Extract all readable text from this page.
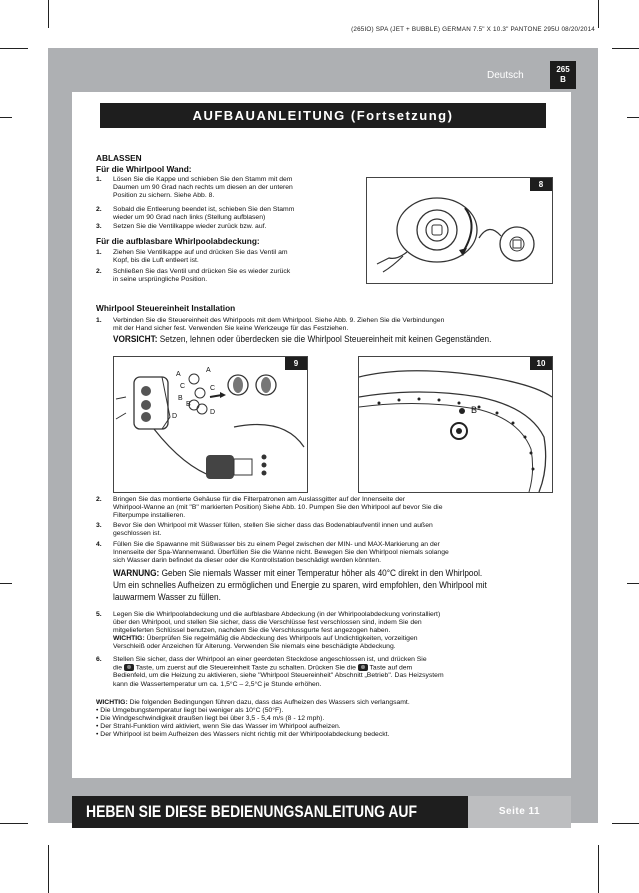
(265IO) SPA (JET + BUBBLE) GERMAN 7.5" X 10.3" PANTONE 295U 08/20/2014
Deutsch
265
B
AUFBAUANLEITUNG (Fortsetzung)
ABLASSEN
Für die Whirlpool Wand:
1. Lösen Sie die Kappe und schieben Sie den Stamm mit dem
Daumen um 90 Grad nach rechts um diesen an der unteren
Position zu sichern. Siehe Abb. 8.
2. Sobald die Entleerung beendet ist, schieben Sie den Stamm
wieder um 90 Grad nach links (Stellung aufblasen)
3. Setzen Sie die Ventilkappe wieder zurück bzw. auf.
Für die aufblasbare Whirlpoolabdeckung:
1. Ziehen Sie Ventilkappe auf und drücken Sie das Ventil am
Kopf, bis die Luft entleert ist.
2. Schließen Sie das Ventil und drücken Sie es wieder zurück
in seine ursprüngliche Position.
8
Whirlpool Steuereinheit Installation
1. Verbinden Sie die Steuereinheit des Whirlpools mit dem Whirlpool. Siehe Abb. 9. Ziehen Sie die Verbindungen
mit der Hand sicher fest. Verwenden Sie keine Werkzeuge für das Festziehen.
VORSICHT: Setzen, lehnen oder überdecken sie die Whirlpool Steuereinheit mit keinen Gegenständen.
9
A
C
B
D
A
C
B
D
10
B
2. Bringen Sie das montierte Gehäuse für die Filterpatronen am Auslassgitter auf der Innenseite der
Whirlpool-Wanne an (mit "B" markierten Position) Siehe Abb. 10. Pumpen Sie den Whirlpool auf bevor Sie die
Filterpumpe installieren.
3. Bevor Sie den Whirlpool mit Wasser füllen, stellen Sie sicher dass das Bodenablaufventil innen und außen
geschlossen ist.
4. Füllen Sie die Spawanne mit Süßwasser bis zu einem Pegel zwischen der MIN- und MAX-Markierung an der
Innenseite der Spa-Wannenwand. Überfüllen Sie die Wanne nicht. Bewegen Sie den Whirlpool niemals solange
sich Wasser darin befindet da dieser oder die Kontrollstation beschädigt werden könnten.
WARNUNG: Geben Sie niemals Wasser mit einer Temperatur höher als 40°C direkt in den Whirlpool.
Um ein schnelles Aufheizen zu ermöglichen und Energie zu sparen, wird empfohlen, den Whirlpool mit
lauwarmem Wasser zu füllen.
5. Legen Sie die Whirlpoolabdeckung und die aufblasbare Abdeckung (in der Whirlpoolabdeckung vorinstalliert)
über den Whirlpool, und stellen Sie sicher, dass die Verschlüsse fest verschlossen sind, indem Sie den
mitgelieferten Schlüssel benutzen, nachdem Sie die Verschlussgurte fest angezogen haben.
WICHTIG: Überprüfen Sie regelmäßig die Abdeckung des Whirlpools auf Undichtigkeiten, vorzeitigen
Verschleiß oder Anzeichen für Alterung. Verwenden Sie niemals eine beschädigte Abdeckung.
6. Stellen Sie sicher, dass der Whirlpool an einer geerdeten Steckdose angeschlossen ist, und drücken Sie
die  Taste, um zuerst auf die Steuereinheit Taste zu schalten. Drücken Sie die  Taste auf dem
Bedienfeld, um die Heizung zu aktivieren, siehe "Whirlpool Steuereinheit" Abschnitt „Betrieb". Das Heizsystem
kann die Wassertemperatur um ca. 1,5°C – 2,5°C je Stunde erhöhen.
WICHTIG: Die folgenden Bedingungen führen dazu, dass das Aufheizen des Wassers sich verlangsamt.
• Die Umgebungstemperatur liegt bei weniger als 10°C (50°F).
• Die Windgeschwindigkeit draußen liegt bei über 3,5 - 5,4 m/s (8 - 12 mph).
• Der Strahl-Funktion wird aktiviert, wenn Sie das Wasser im Whirlpool aufheizen.
• Der Whirlpool ist beim Aufheizen des Wassers nicht richtig mit der Whirlpoolabdeckung bedeckt.
HEBEN SIE DIESE BEDIENUNGSANLEITUNG AUF	Seite 11
